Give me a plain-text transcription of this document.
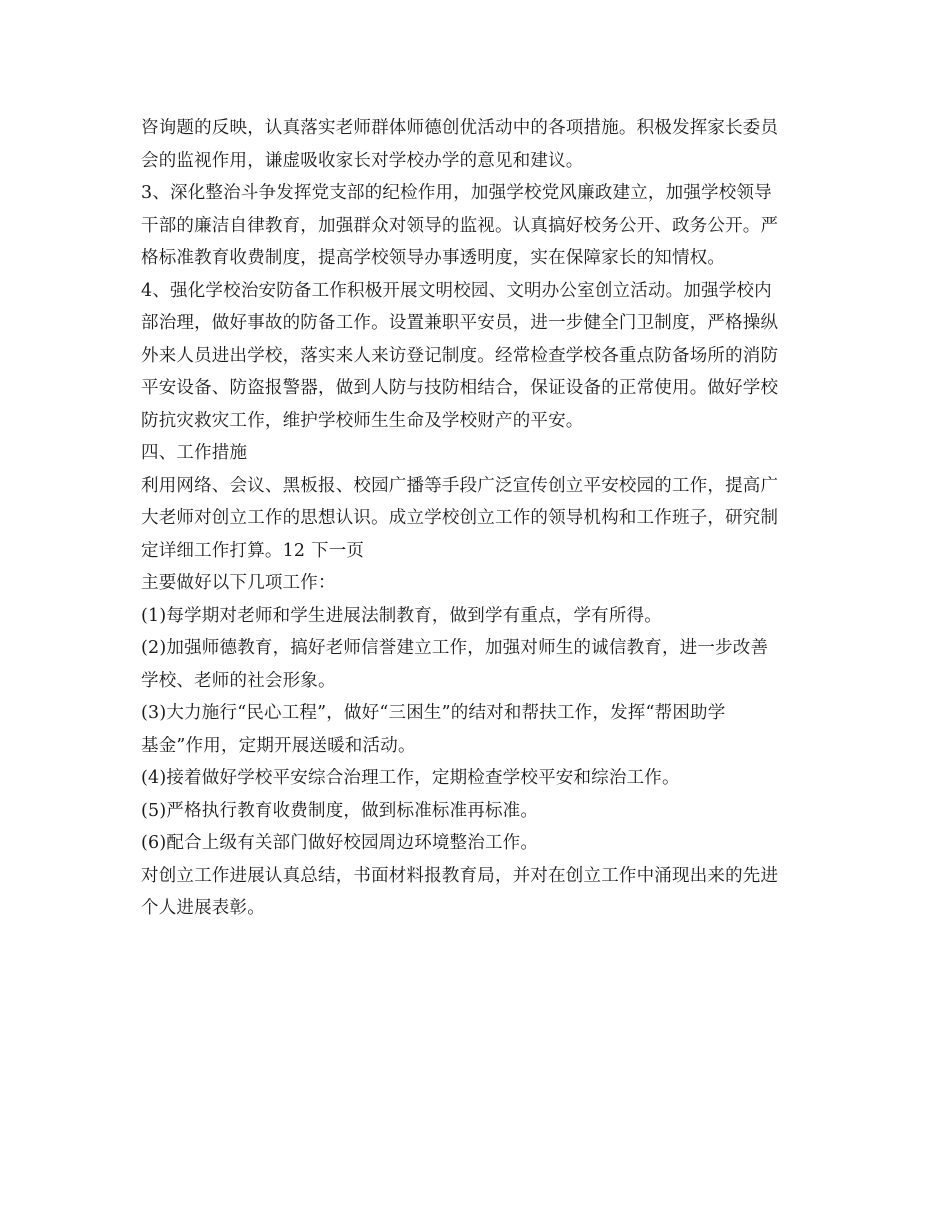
咨询题的反映，认真落实老师群体师德创优活动中的各项措施。积极发挥家长委员
会的监视作用，谦虚吸收家长对学校办学的意见和建议。
3、深化整治斗争发挥党支部的纪检作用，加强学校党风廉政建立，加强学校领导
干部的廉洁自律教育，加强群众对领导的监视。认真搞好校务公开、政务公开。严
格标准教育收费制度，提高学校领导办事透明度，实在保障家长的知情权。
4、强化学校治安防备工作积极开展文明校园、文明办公室创立活动。加强学校内
部治理，做好事故的防备工作。设置兼职平安员，进一步健全门卫制度，严格操纵
外来人员进出学校，落实来人来访登记制度。经常检查学校各重点防备场所的消防
平安设备、防盗报警器，做到人防与技防相结合，保证设备的正常使用。做好学校
防抗灾救灾工作，维护学校师生生命及学校财产的平安。
四、工作措施
利用网络、会议、黑板报、校园广播等手段广泛宣传创立平安校园的工作，提高广
大老师对创立工作的思想认识。成立学校创立工作的领导机构和工作班子，研究制
定详细工作打算。12 下一页
主要做好以下几项工作：
(1)每学期对老师和学生进展法制教育，做到学有重点，学有所得。
(2)加强师德教育，搞好老师信誉建立工作，加强对师生的诚信教育，进一步改善
学校、老师的社会形象。
(3)大力施行“民心工程”，做好“三困生”的结对和帮扶工作，发挥“帮困助学
基金”作用，定期开展送暖和活动。
(4)接着做好学校平安综合治理工作，定期检查学校平安和综治工作。
(5)严格执行教育收费制度，做到标准标准再标准。
(6)配合上级有关部门做好校园周边环境整治工作。
对创立工作进展认真总结，书面材料报教育局，并对在创立工作中涌现出来的先进
个人进展表彰。
